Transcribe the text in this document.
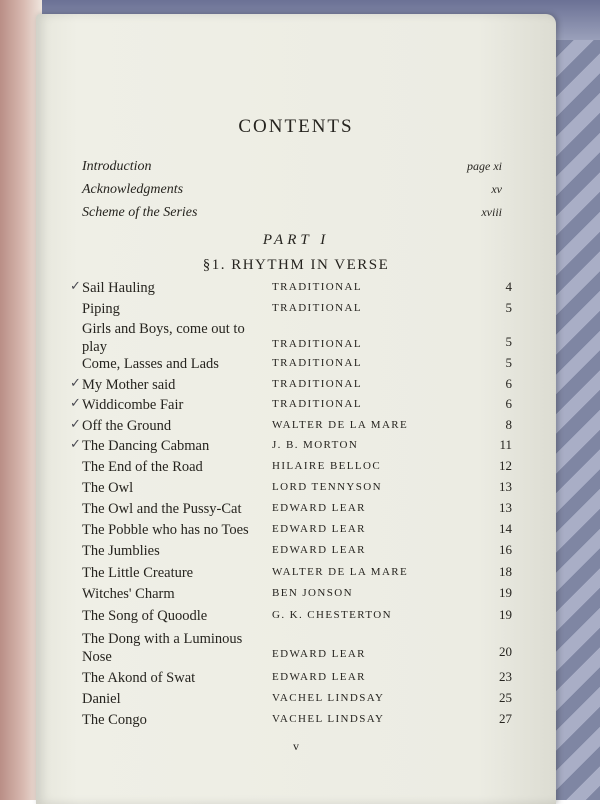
CONTENTS
Introduction	page xi
Acknowledgments	xv
Scheme of the Series	xviii
PART I
§1. RHYTHM IN VERSE
✓ Sail Hauling	TRADITIONAL	4
Piping	TRADITIONAL	5
Girls and Boys, come out to play	TRADITIONAL	5
Come, Lasses and Lads	TRADITIONAL	5
✓ My Mother said	TRADITIONAL	6
✓ Widdicombe Fair	TRADITIONAL	6
✓ Off the Ground	WALTER DE LA MARE	8
✓ The Dancing Cabman	J. B. MORTON	11
The End of the Road	HILAIRE BELLOC	12
The Owl	LORD TENNYSON	13
The Owl and the Pussy-Cat	EDWARD LEAR	13
The Pobble who has no Toes	EDWARD LEAR	14
The Jumblies	EDWARD LEAR	16
The Little Creature	WALTER DE LA MARE	18
Witches' Charm	BEN JONSON	19
The Song of Quoodle	G. K. CHESTERTON	19
The Dong with a Luminous Nose	EDWARD LEAR	20
The Akond of Swat	EDWARD LEAR	23
Daniel	VACHEL LINDSAY	25
The Congo	VACHEL LINDSAY	27
v
